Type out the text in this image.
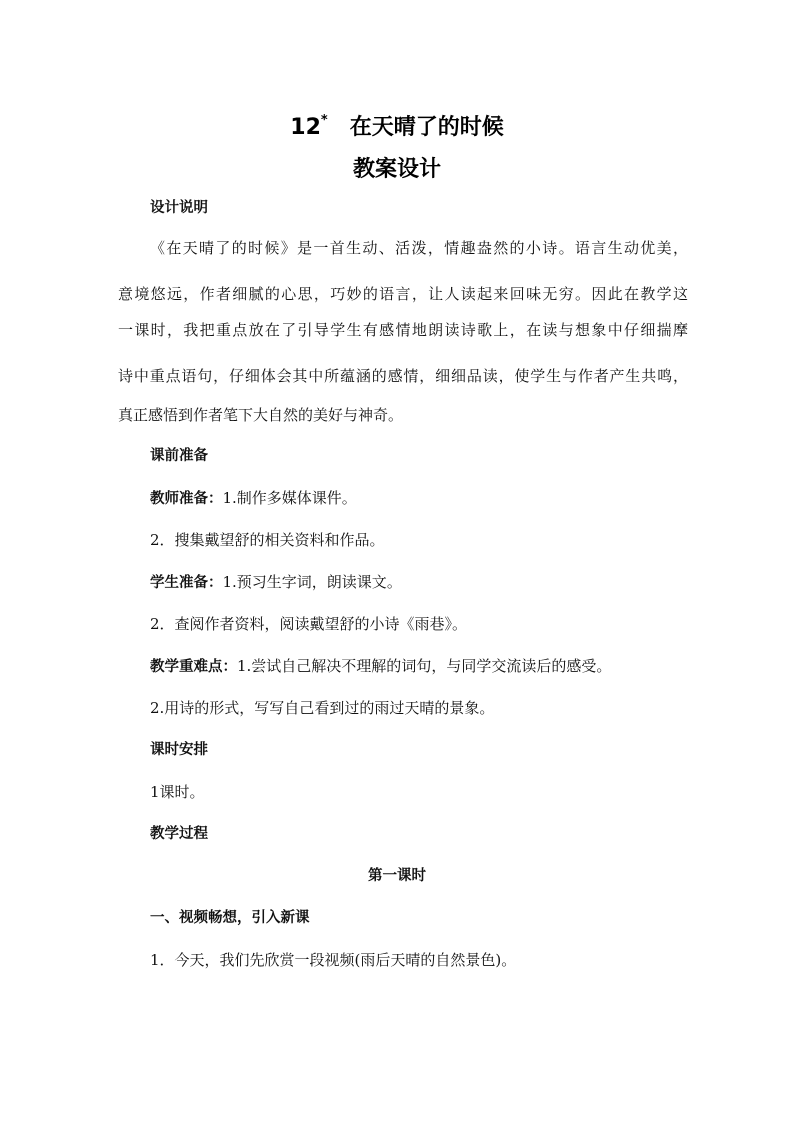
12* 在天晴了的时候
教案设计
设计说明
《在天晴了的时候》是一首生动、活泼，情趣盎然的小诗。语言生动优美，
意境悠远，作者细腻的心思，巧妙的语言，让人读起来回味无穷。因此在教学这
一课时，我把重点放在了引导学生有感情地朗读诗歌上，在读与想象中仔细揣摩
诗中重点语句，仔细体会其中所蕴涵的感情，细细品读，使学生与作者产生共鸣，
真正感悟到作者笔下大自然的美好与神奇。
课前准备
教师准备：1.制作多媒体课件。
2．搜集戴望舒的相关资料和作品。
学生准备：1.预习生字词，朗读课文。
2．查阅作者资料，阅读戴望舒的小诗《雨巷》。
教学重难点：1.尝试自己解决不理解的词句，与同学交流读后的感受。
2.用诗的形式，写写自己看到过的雨过天晴的景象。
课时安排
1课时。
教学过程
第一课时
一、视频畅想，引入新课
1．今天，我们先欣赏一段视频(雨后天晴的自然景色)。
